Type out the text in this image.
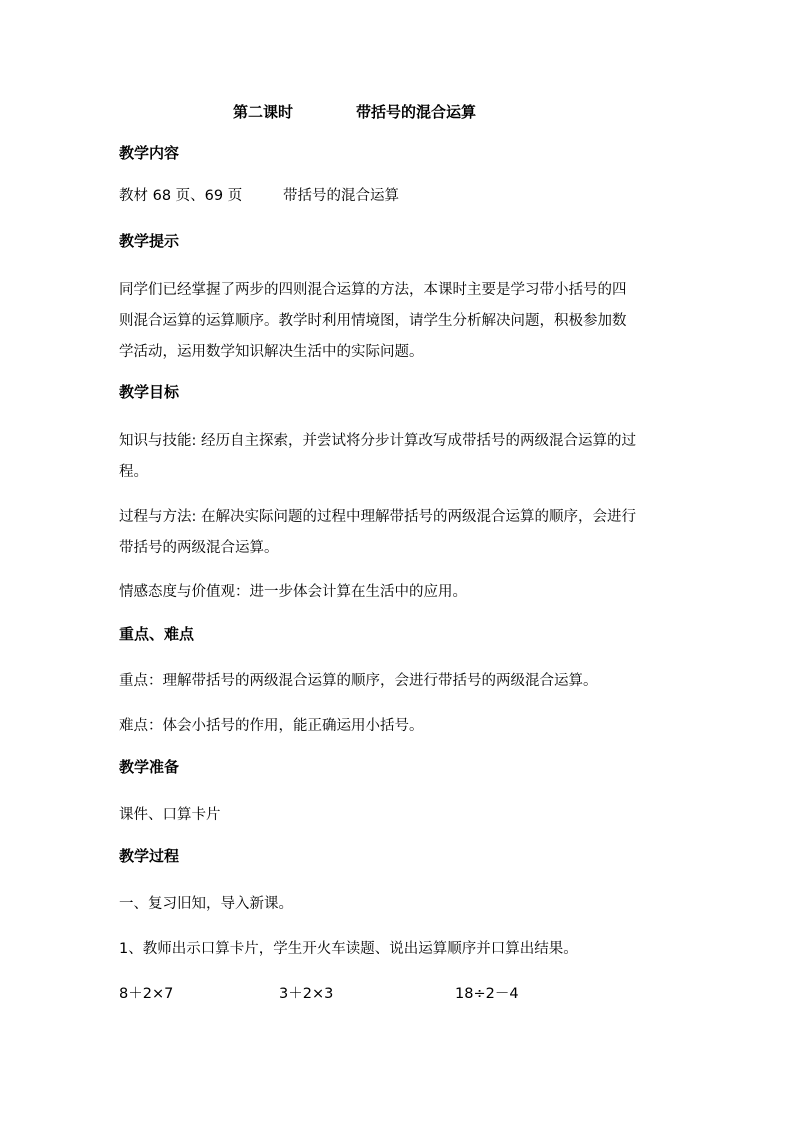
第二课时	带括号的混合运算
教学内容
教材 68 页、69 页	带括号的混合运算
教学提示
同学们已经掌握了两步的四则混合运算的方法，本课时主要是学习带小括号的四则混合运算的运算顺序。教学时利用情境图，请学生分析解决问题，积极参加数学活动，运用数学知识解决生活中的实际问题。
教学目标
知识与技能: 经历自主探索，并尝试将分步计算改写成带括号的两级混合运算的过程。
过程与方法: 在解决实际问题的过程中理解带括号的两级混合运算的顺序，会进行带括号的两级混合运算。
情感态度与价值观：进一步体会计算在生活中的应用。
重点、难点
重点：理解带括号的两级混合运算的顺序，会进行带括号的两级混合运算。
难点：体会小括号的作用，能正确运用小括号。
教学准备
课件、口算卡片
教学过程
一、复习旧知，导入新课。
1、教师出示口算卡片，学生开火车读题、说出运算顺序并口算出结果。
8＋2×7	3＋2×3	18÷2－4
